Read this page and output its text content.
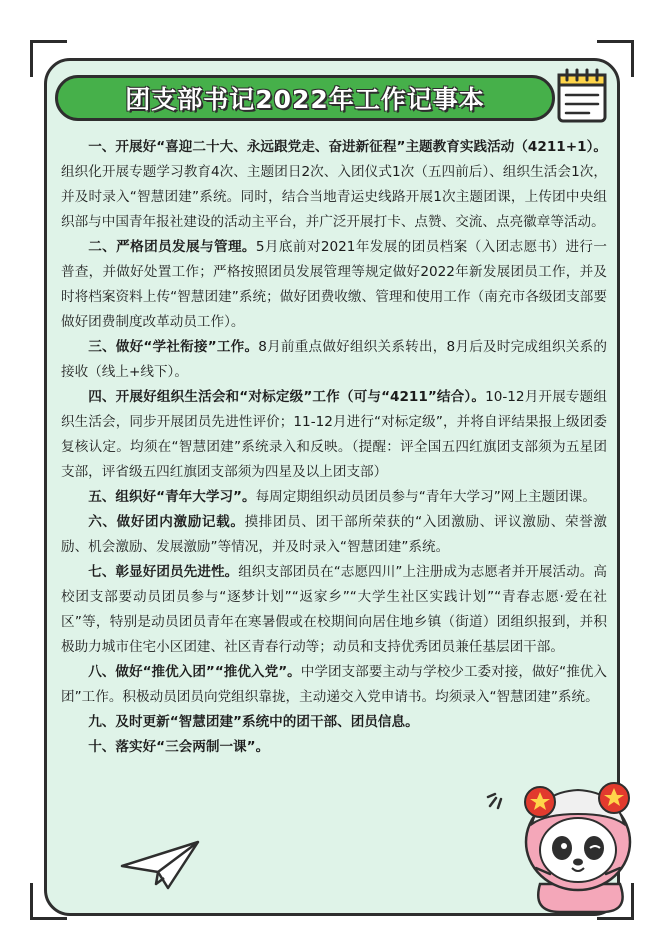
团支部书记2022年工作记事本

一、开展好“喜迎二十大、永远跟党走、奋进新征程”主题教育实践活动（4211+1）。组织化开展专题学习教育4次、主题团日2次、入团仪式1次（五四前后）、组织生活会1次，并及时录入“智慧团建”系统。同时，结合当地青运史线路开展1次主题团课，上传团中央组织部与中国青年报社建设的活动主平台，并广泛开展打卡、点赞、交流、点亮徽章等活动。

二、严格团员发展与管理。5月底前对2021年发展的团员档案（入团志愿书）进行一普查，并做好处置工作；严格按照团员发展管理等规定做好2022年新发展团员工作，并及时将档案资料上传“智慧团建”系统；做好团费收缴、管理和使用工作（南充市各级团支部要做好团费制度改革动员工作）。

三、做好“学社衔接”工作。8月前重点做好组织关系转出，8月后及时完成组织关系的接收（线上+线下）。

四、开展好组织生活会和“对标定级”工作（可与“4211”结合）。10-12月开展专题组织生活会，同步开展团员先进性评价；11-12月进行“对标定级”，并将自评结果报上级团委复核认定。均须在“智慧团建”系统录入和反映。（提醒：评全国五四红旗团支部须为五星团支部，评省级五四红旗团支部须为四星及以上团支部）

五、组织好“青年大学习”。每周定期组织动员团员参与“青年大学习”网上主题团课。

六、做好团内激励记载。摸排团员、团干部所荣获的“入团激励、评议激励、荣誉激励、机会激励、发展激励”等情况，并及时录入“智慧团建”系统。

七、彰显好团员先进性。组织支部团员在“志愿四川”上注册成为志愿者并开展活动。高校团支部要动员团员参与“逐梦计划”“返家乡”“大学生社区实践计划”“青春志愿·爱在社区”等，特别是动员团员青年在寒暑假或在校期间向居住地乡镇（街道）团组织报到，并积极助力城市住宅小区团建、社区青春行动等；动员和支持优秀团员兼任基层团干部。

八、做好“推优入团”“推优入党”。中学团支部要主动与学校少工委对接，做好“推优入团”工作。积极动员团员向党组织靠拢，主动递交入党申请书。均须录入“智慧团建”系统。

九、及时更新“智慧团建”系统中的团干部、团员信息。

十、落实好“三会两制一课”。
